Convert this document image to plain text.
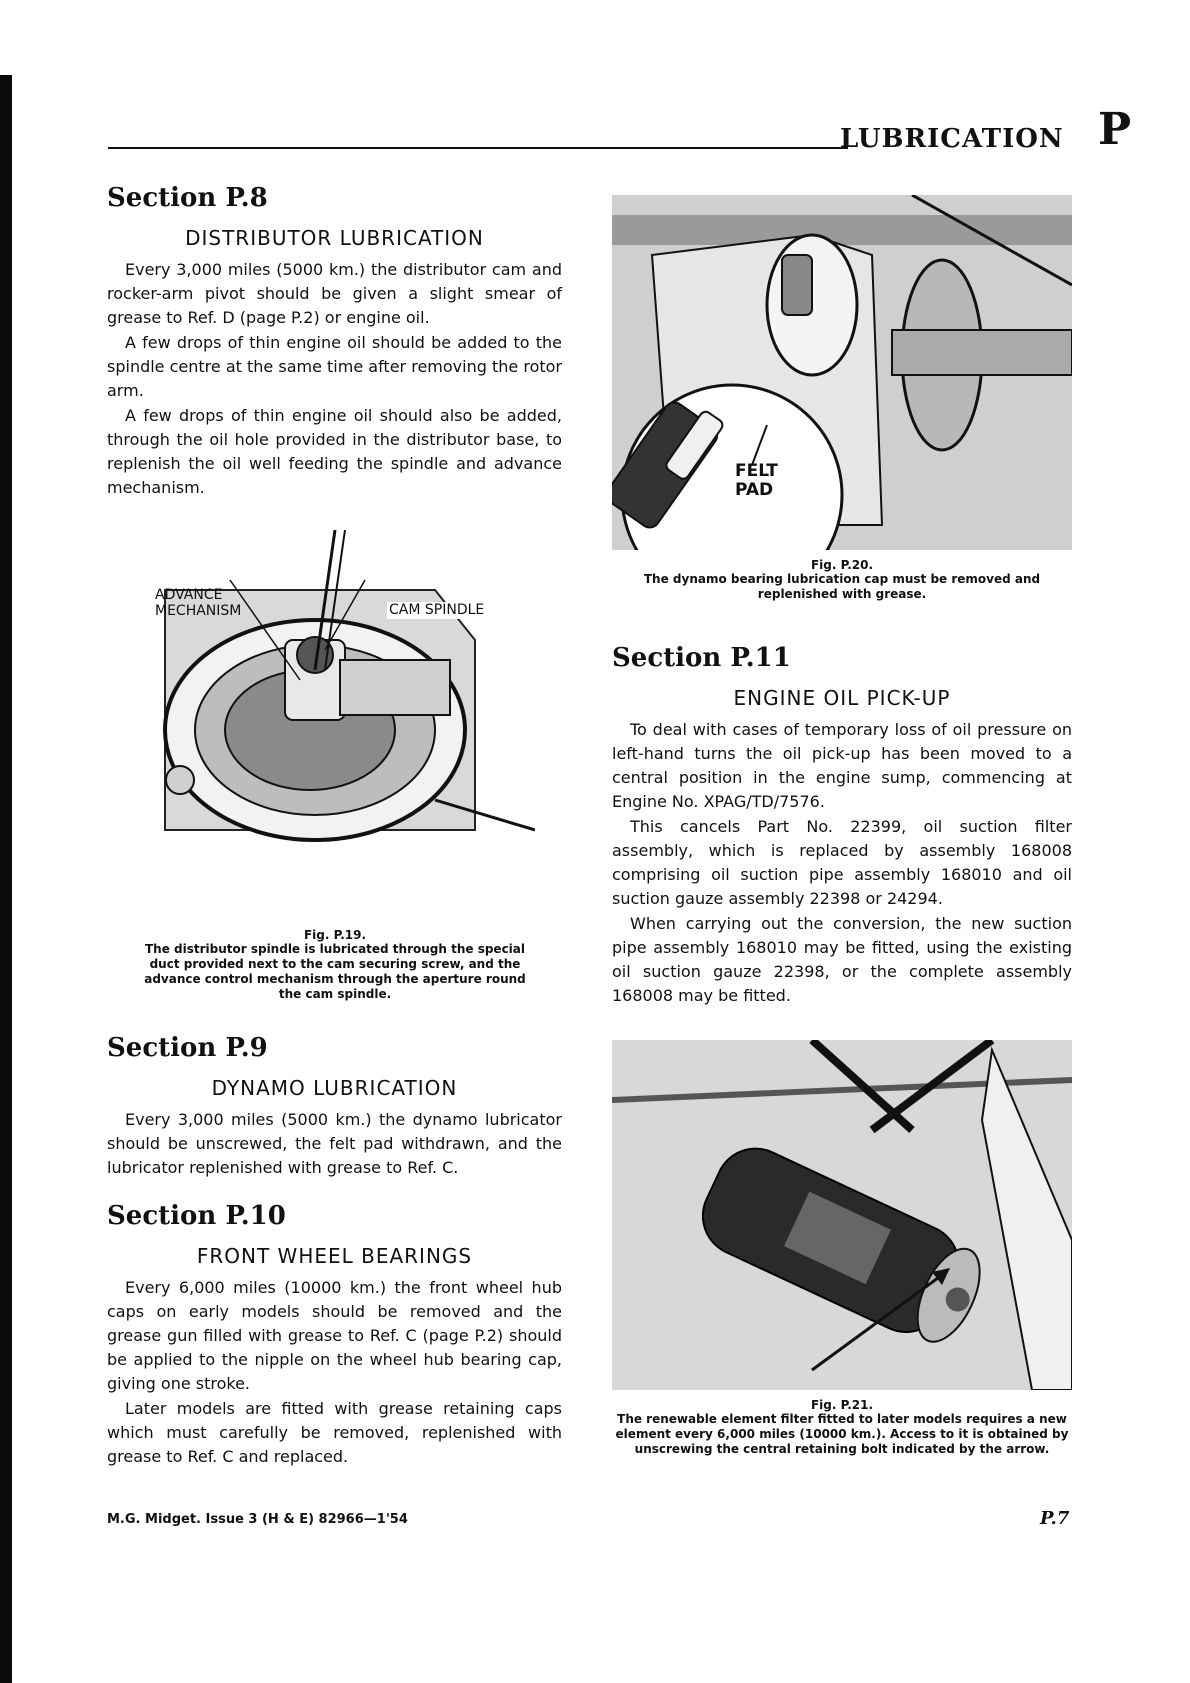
LUBRICATION P
Section P.8
DISTRIBUTOR LUBRICATION

Every 3,000 miles (5000 km.) the distributor cam and rocker-arm pivot should be given a slight smear of grease to Ref. D (page P.2) or engine oil.

A few drops of thin engine oil should be added to the spindle centre at the same time after removing the rotor arm.

A few drops of thin engine oil should also be added, through the oil hole provided in the distributor base, to replenish the oil well feeding the spindle and advance mechanism.

ADVANCE
MECHANISM	CAM SPINDLE
Fig. P.19.
The distributor spindle is lubricated through the special duct provided next to the cam securing screw, and the advance control mechanism through the aperture round the cam spindle.
Section P.9
DYNAMO LUBRICATION

Every 3,000 miles (5000 km.) the dynamo lubricator should be unscrewed, the felt pad withdrawn, and the lubricator replenished with grease to Ref. C.

Section P.10
FRONT WHEEL BEARINGS

Every 6,000 miles (10000 km.) the front wheel hub caps on early models should be removed and the grease gun filled with grease to Ref. C (page P.2) should be applied to the nipple on the wheel hub bearing cap, giving one stroke.

Later models are fitted with grease retaining caps which must carefully be removed, replenished with grease to Ref. C and replaced.

FELT
PAD
Fig. P.20.
The dynamo bearing lubrication cap must be removed and replenished with grease.
Section P.11
ENGINE OIL PICK-UP

To deal with cases of temporary loss of oil pressure on left-hand turns the oil pick-up has been moved to a central position in the engine sump, commencing at Engine No. XPAG/TD/7576.

This cancels Part No. 22399, oil suction filter assembly, which is replaced by assembly 168008 comprising oil suction pipe assembly 168010 and oil suction gauze assembly 22398 or 24294.

When carrying out the conversion, the new suction pipe assembly 168010 may be fitted, using the existing oil suction gauze 22398, or the complete assembly 168008 may be fitted.

Fig. P.21.
The renewable element filter fitted to later models requires a new element every 6,000 miles (10000 km.). Access to it is obtained by unscrewing the central retaining bolt indicated by the arrow.
M.G. Midget. Issue 3 (H & E) 82966—1'54	P.7
